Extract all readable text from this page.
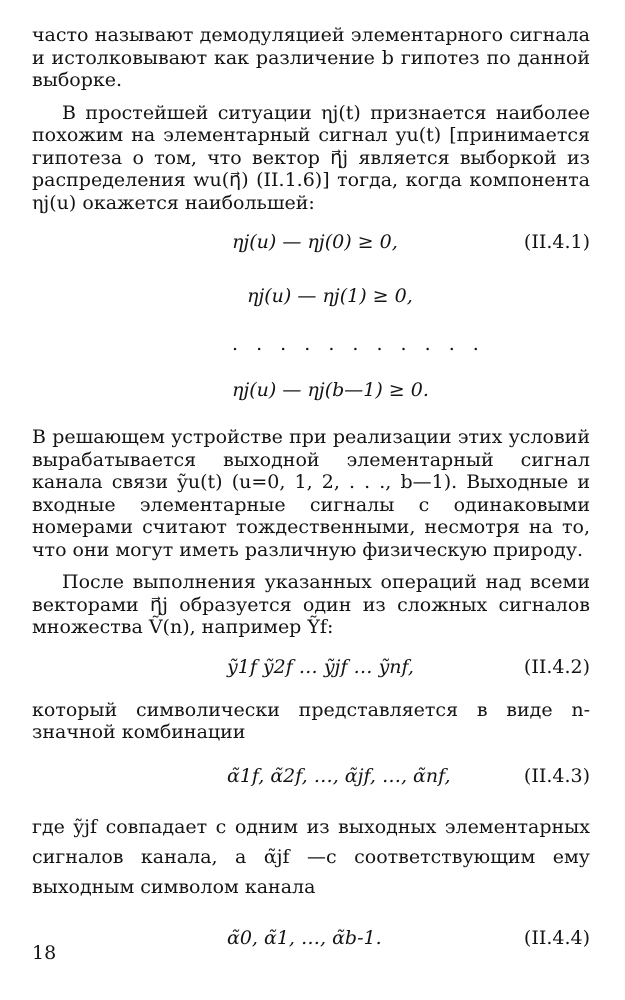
часто называют демодуляцией элементарного сигнала и истолковывают как различение b гипотез по данной выборке.

В простейшей ситуации ηj(t) признается наиболее похожим на элементарный сигнал yu(t) [принимается гипотеза о том, что вектор η⃗j является выборкой из распределения wu(η⃗) (II.1.6)] тогда, когда компонента ηj(u) окажется наибольшей:

ηj(u) — ηj(0) ≥ 0,	(II.4.1)
ηj(u) — ηj(1) ≥ 0,
. . . . . . . . . . .
ηj(u) — ηj(b—1) ≥ 0.

В решающем устройстве при реализации этих условий вырабатывается выходной элементарный сигнал канала связи ỹu(t) (u=0, 1, 2, . . ., b—1). Выходные и входные элементарные сигналы с одинаковыми номерами считают тождественными, несмотря на то, что они могут иметь различную физическую природу.

После выполнения указанных операций над всеми векторами η⃗j образуется один из сложных сигналов множества Ṽ(n), например Ỹf:

ỹ1f ỹ2f … ỹjf … ỹnf,	(II.4.2)

который символически представляется в виде n-значной комбинации

α̃1f, α̃2f, …, α̃jf, …, α̃nf,	(II.4.3)

где ỹjf совпадает с одним из выходных элементарных сигналов канала, а α̃jf —с соответствующим ему выходным символом канала

α̃0, α̃1, …, α̃b-1.	(II.4.4)
18
